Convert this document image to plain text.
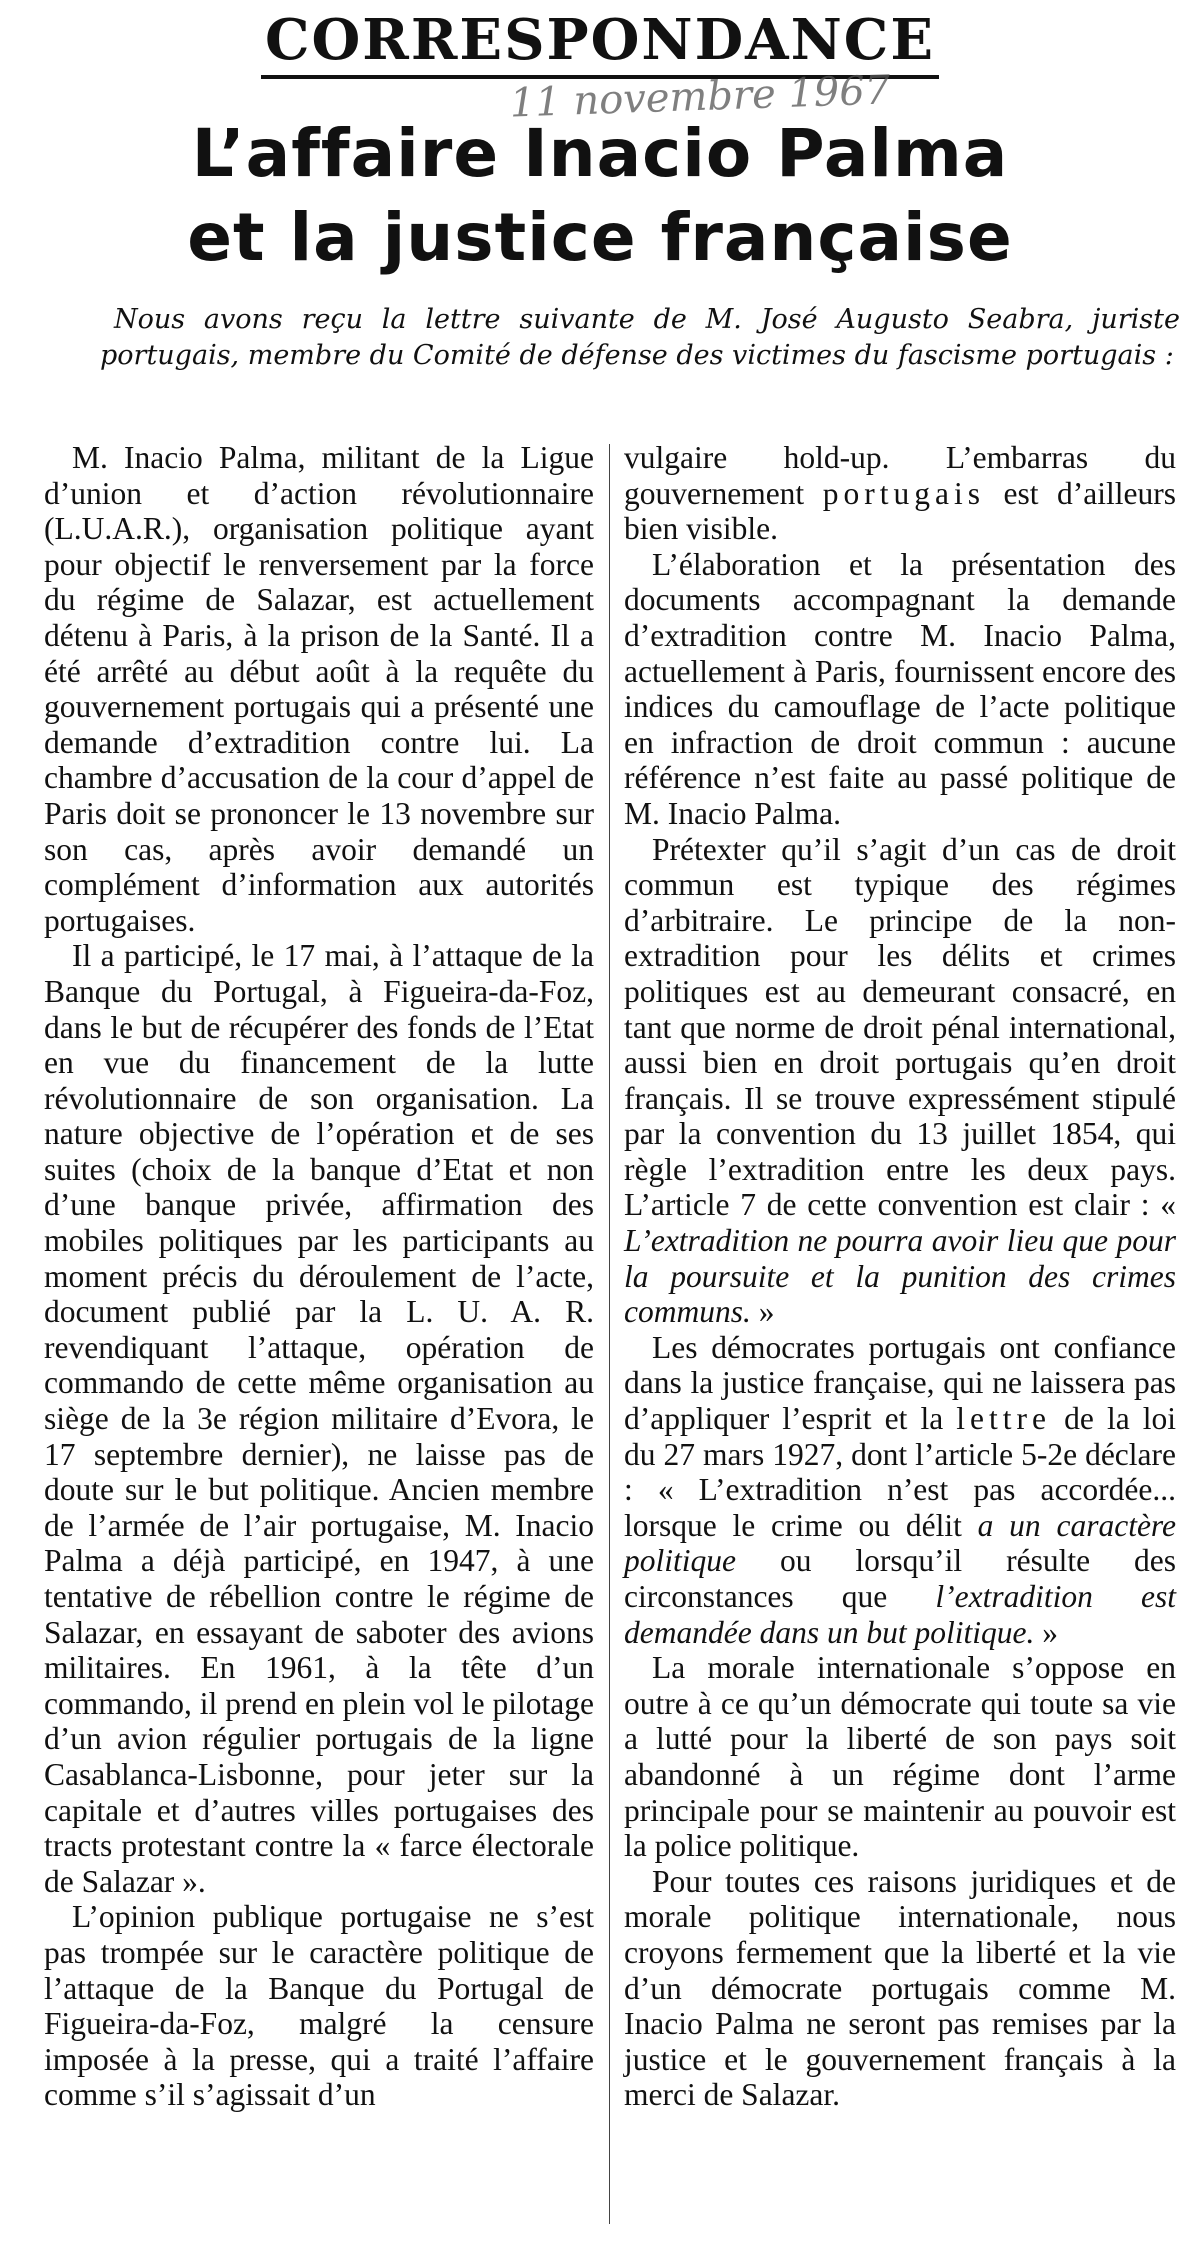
CORRESPONDANCE
11 novembre 1967
L’affaire Inacio Palma
et la justice française
Nous avons reçu la lettre suivante de M. José Augusto Seabra, juriste portugais, membre du Comité de défense des victimes du fascisme portugais :

M. Inacio Palma, militant de la Ligue d’union et d’action révolutionnaire (L.U.A.R.), organisation politique ayant pour objectif le renversement par la force du régime de Salazar, est actuellement détenu à Paris, à la prison de la Santé. Il a été arrêté au début août à la requête du gouvernement portugais qui a présenté une demande d’extradition contre lui. La chambre d’accusation de la cour d’appel de Paris doit se prononcer le 13 novembre sur son cas, après avoir demandé un complément d’information aux autorités portugaises.

Il a participé, le 17 mai, à l’attaque de la Banque du Portugal, à Figueira-da-Foz, dans le but de récupérer des fonds de l’Etat en vue du financement de la lutte révolutionnaire de son organisation. La nature objective de l’opération et de ses suites (choix de la banque d’Etat et non d’une banque privée, affirmation des mobiles politiques par les participants au moment précis du déroulement de l’acte, document publié par la L. U. A. R. revendiquant l’attaque, opération de commando de cette même organisation au siège de la 3e région militaire d’Evora, le 17 septembre dernier), ne laisse pas de doute sur le but politique. Ancien membre de l’armée de l’air portugaise, M. Inacio Palma a déjà participé, en 1947, à une tentative de rébellion contre le régime de Salazar, en essayant de saboter des avions militaires. En 1961, à la tête d’un commando, il prend en plein vol le pilotage d’un avion régulier portugais de la ligne Casablanca-Lisbonne, pour jeter sur la capitale et d’autres villes portugaises des tracts protestant contre la « farce électorale de Salazar ».

L’opinion publique portugaise ne s’est pas trompée sur le caractère politique de l’attaque de la Banque du Portugal de Figueira-da-Foz, malgré la censure imposée à la presse, qui a traité l’affaire comme s’il s’agissait d’un

vulgaire hold-up. L’embarras du gouvernement portugais est d’ailleurs bien visible.

L’élaboration et la présentation des documents accompagnant la demande d’extradition contre M. Inacio Palma, actuellement à Paris, fournissent encore des indices du camouflage de l’acte politique en infraction de droit commun : aucune référence n’est faite au passé politique de M. Inacio Palma.

Prétexter qu’il s’agit d’un cas de droit commun est typique des régimes d’arbitraire. Le principe de la non-extradition pour les délits et crimes politiques est au demeurant consacré, en tant que norme de droit pénal international, aussi bien en droit portugais qu’en droit français. Il se trouve expressément stipulé par la convention du 13 juillet 1854, qui règle l’extradition entre les deux pays. L’article 7 de cette convention est clair : « L’extradition ne pourra avoir lieu que pour la poursuite et la punition des crimes communs. »

Les démocrates portugais ont confiance dans la justice française, qui ne laissera pas d’appliquer l’esprit et la lettre de la loi du 27 mars 1927, dont l’article 5-2e déclare : « L’extradition n’est pas accordée... lorsque le crime ou délit a un caractère politique ou lorsqu’il résulte des circonstances que l’extradition est demandée dans un but politique. »

La morale internationale s’oppose en outre à ce qu’un démocrate qui toute sa vie a lutté pour la liberté de son pays soit abandonné à un régime dont l’arme principale pour se maintenir au pouvoir est la police politique.

Pour toutes ces raisons juridiques et de morale politique internationale, nous croyons fermement que la liberté et la vie d’un démocrate portugais comme M. Inacio Palma ne seront pas remises par la justice et le gouvernement français à la merci de Salazar.
